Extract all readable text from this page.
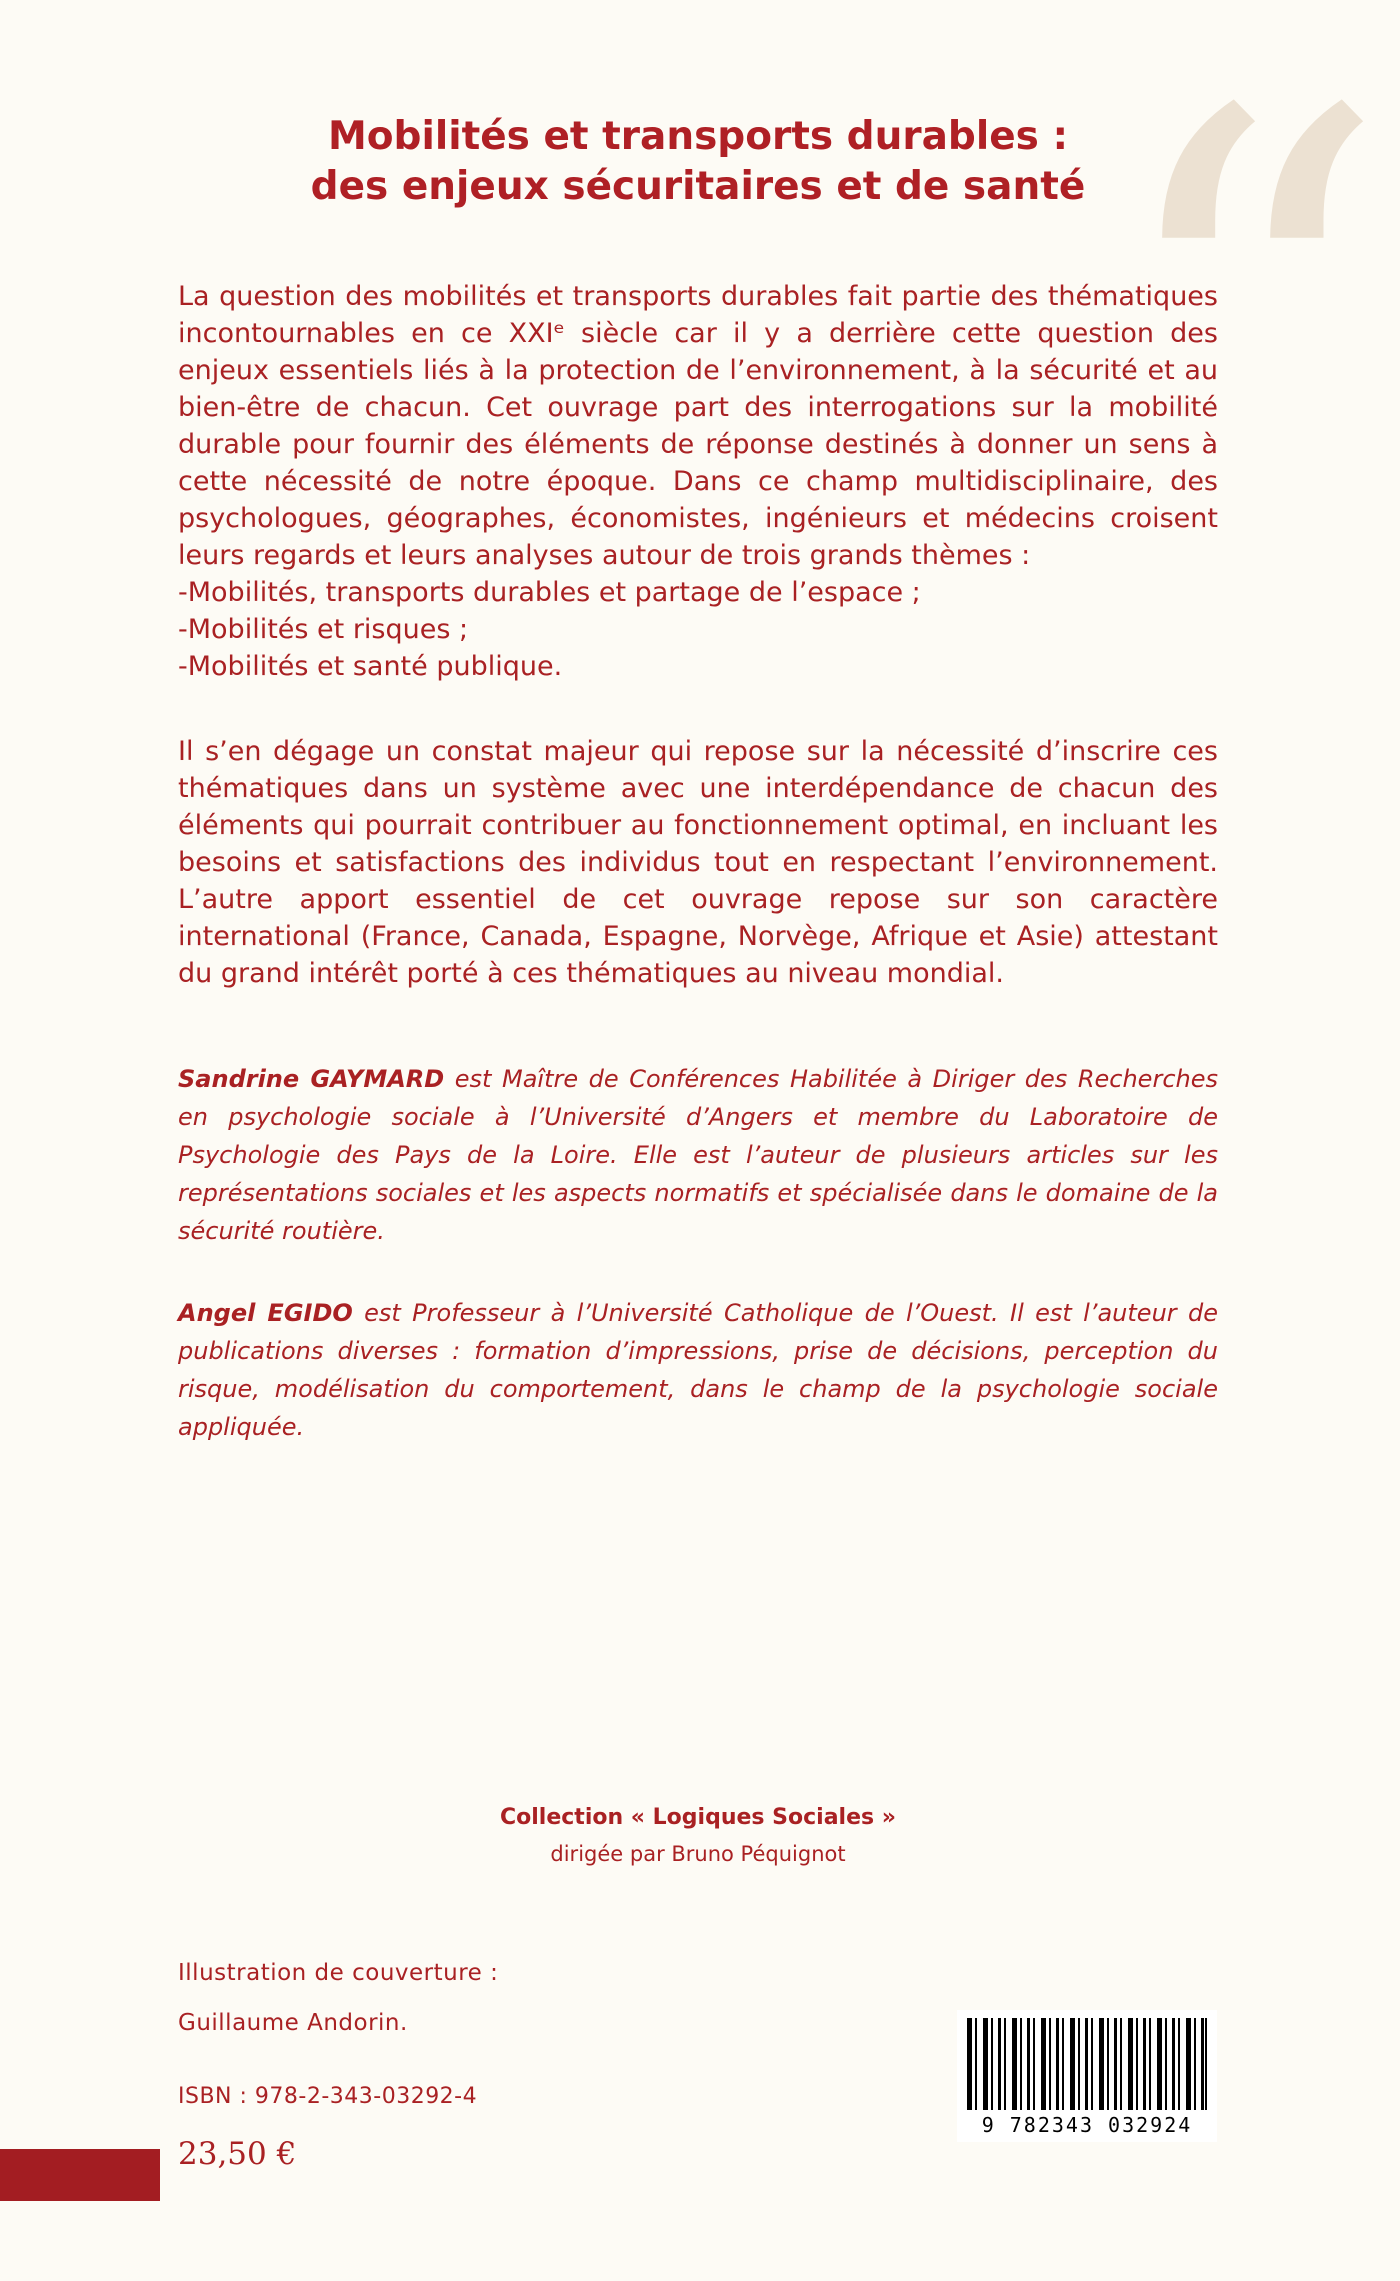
“
Mobilités et transports durables :
des enjeux sécuritaires et de santé

La question des mobilités et transports durables fait partie des thématiques incontournables en ce XXIᵉ siècle car il y a derrière cette question des enjeux essentiels liés à la protection de l’environnement, à la sécurité et au bien-être de chacun. Cet ouvrage part des interrogations sur la mobilité durable pour fournir des éléments de réponse destinés à donner un sens à cette nécessité de notre époque. Dans ce champ multidisciplinaire, des psychologues, géographes, économistes, ingénieurs et médecins croisent leurs regards et leurs analyses autour de trois grands thèmes :

-Mobilités, transports durables et partage de l’espace ;
-Mobilités et risques ;
-Mobilités et santé publique.

Il s’en dégage un constat majeur qui repose sur la nécessité d’inscrire ces thématiques dans un système avec une interdépendance de chacun des éléments qui pourrait contribuer au fonctionnement optimal, en incluant les besoins et satisfactions des individus tout en respectant l’environnement. L’autre apport essentiel de cet ouvrage repose sur son caractère international (France, Canada, Espagne, Norvège, Afrique et Asie) attestant du grand intérêt porté à ces thématiques au niveau mondial.

Sandrine GAYMARD est Maître de Conférences Habilitée à Diriger des Recherches en psychologie sociale à l’Université d’Angers et membre du Laboratoire de Psychologie des Pays de la Loire. Elle est l’auteur de plusieurs articles sur les représentations sociales et les aspects normatifs et spécialisée dans le domaine de la sécurité routière.

Angel EGIDO est Professeur à l’Université Catholique de l’Ouest. Il est l’auteur de publications diverses : formation d’impressions, prise de décisions, perception du risque, modélisation du comportement, dans le champ de la psychologie sociale appliquée.

Collection « Logiques Sociales »
dirigée par Bruno Péquignot
Illustration de couverture :
Guillaume Andorin.
ISBN : 978-2-343-03292-4
23,50 €
9 782343 032924
